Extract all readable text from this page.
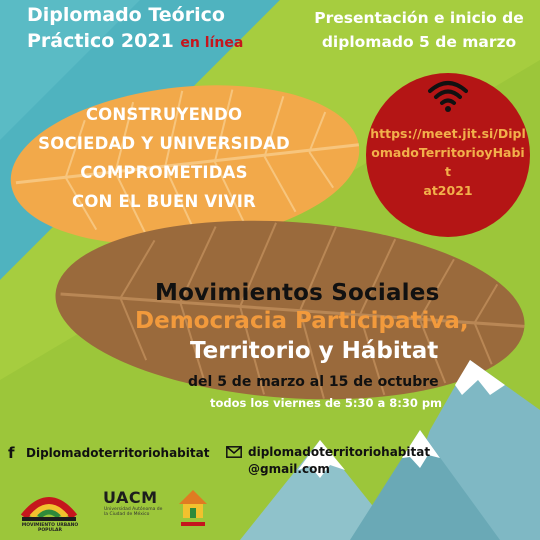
Diplomado Teórico
Práctico 2021 en línea
Presentación e inicio de
diplomado 5 de marzo
https://meet.jit.si/Dipl
omadoTerritorioyHabit
at2021
CONSTRUYENDO
SOCIEDAD Y UNIVERSIDAD
COMPROMETIDAS
CON EL BUEN VIVIR
Movimientos Sociales
Democracia Participativa,
Territorio y Hábitat
del 5 de marzo al 15 de octubre
todos los viernes de 5:30 a 8:30 pm
f Diplomadoterritoriohabitat	diplomadoterritoriohabitat
@gmail.com
MOVIMIENTO URBANO POPULAR
UACM
Universidad Autónoma de la Ciudad de México
